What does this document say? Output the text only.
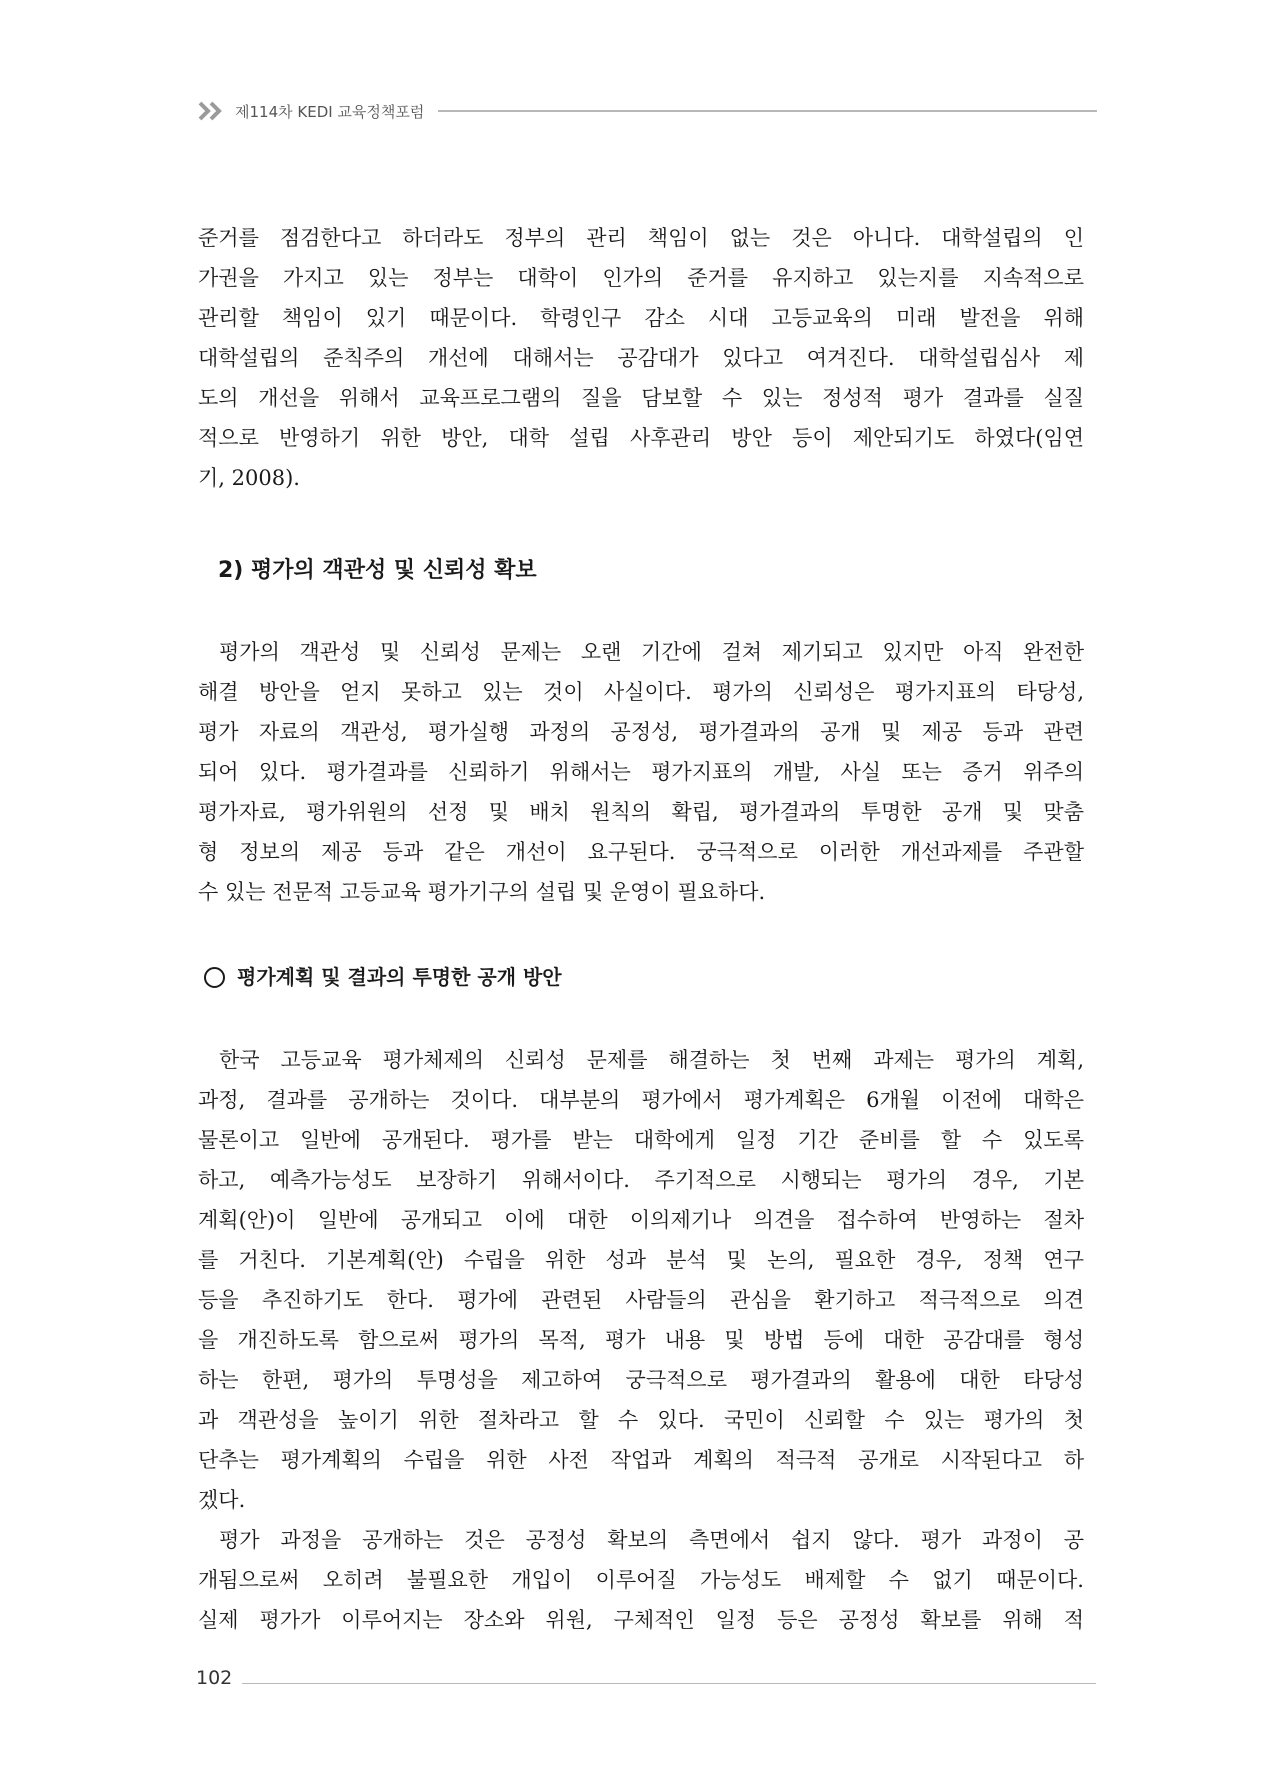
제114차 KEDI 교육정책포럼

준거를 점검한다고 하더라도 정부의 관리 책임이 없는 것은 아니다. 대학설립의 인

가권을 가지고 있는 정부는 대학이 인가의 준거를 유지하고 있는지를 지속적으로

관리할 책임이 있기 때문이다. 학령인구 감소 시대 고등교육의 미래 발전을 위해

대학설립의 준칙주의 개선에 대해서는 공감대가 있다고 여겨진다. 대학설립심사 제

도의 개선을 위해서 교육프로그램의 질을 담보할 수 있는 정성적 평가 결과를 실질

적으로 반영하기 위한 방안, 대학 설립 사후관리 방안 등이 제안되기도 하였다(임연

기, 2008).

2) 평가의 객관성 및 신뢰성 확보

평가의 객관성 및 신뢰성 문제는 오랜 기간에 걸쳐 제기되고 있지만 아직 완전한

해결 방안을 얻지 못하고 있는 것이 사실이다. 평가의 신뢰성은 평가지표의 타당성,

평가 자료의 객관성, 평가실행 과정의 공정성, 평가결과의 공개 및 제공 등과 관련

되어 있다. 평가결과를 신뢰하기 위해서는 평가지표의 개발, 사실 또는 증거 위주의

평가자료, 평가위원의 선정 및 배치 원칙의 확립, 평가결과의 투명한 공개 및 맞춤

형 정보의 제공 등과 같은 개선이 요구된다. 궁극적으로 이러한 개선과제를 주관할

수 있는 전문적 고등교육 평가기구의 설립 및 운영이 필요하다.

평가계획 및 결과의 투명한 공개 방안

한국 고등교육 평가체제의 신뢰성 문제를 해결하는 첫 번째 과제는 평가의 계획,

과정, 결과를 공개하는 것이다. 대부분의 평가에서 평가계획은 6개월 이전에 대학은

물론이고 일반에 공개된다. 평가를 받는 대학에게 일정 기간 준비를 할 수 있도록

하고, 예측가능성도 보장하기 위해서이다. 주기적으로 시행되는 평가의 경우, 기본

계획(안)이 일반에 공개되고 이에 대한 이의제기나 의견을 접수하여 반영하는 절차

를 거친다. 기본계획(안) 수립을 위한 성과 분석 및 논의, 필요한 경우, 정책 연구

등을 추진하기도 한다. 평가에 관련된 사람들의 관심을 환기하고 적극적으로 의견

을 개진하도록 함으로써 평가의 목적, 평가 내용 및 방법 등에 대한 공감대를 형성

하는 한편, 평가의 투명성을 제고하여 궁극적으로 평가결과의 활용에 대한 타당성

과 객관성을 높이기 위한 절차라고 할 수 있다. 국민이 신뢰할 수 있는 평가의 첫

단추는 평가계획의 수립을 위한 사전 작업과 계획의 적극적 공개로 시작된다고 하

겠다.

평가 과정을 공개하는 것은 공정성 확보의 측면에서 쉽지 않다. 평가 과정이 공

개됨으로써 오히려 불필요한 개입이 이루어질 가능성도 배제할 수 없기 때문이다.

실제 평가가 이루어지는 장소와 위원, 구체적인 일정 등은 공정성 확보를 위해 적

102
